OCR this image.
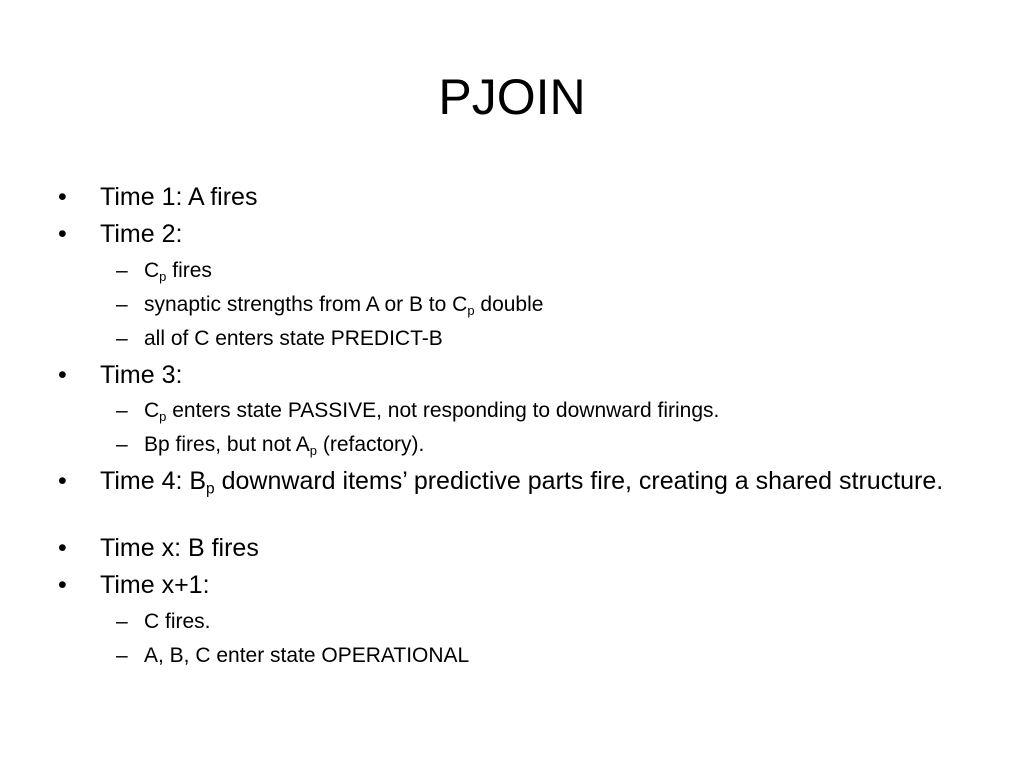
PJOIN
•	Time 1: A fires
•	Time 2:
– $C_p$ fires
– synaptic strengths from A or B to $C_p$ double
– all of C enters state PREDICT-B
•	Time 3:
– $C_p$ enters state PASSIVE, not responding to downward firings.
– Bp fires, but not $A_p$ (refactory).
•	Time 4: $B_p$ downward items’ predictive parts fire, creating a shared structure.
•	Time x: B fires
•	Time x+1:
– C fires.
– A, B, C enter state OPERATIONAL
